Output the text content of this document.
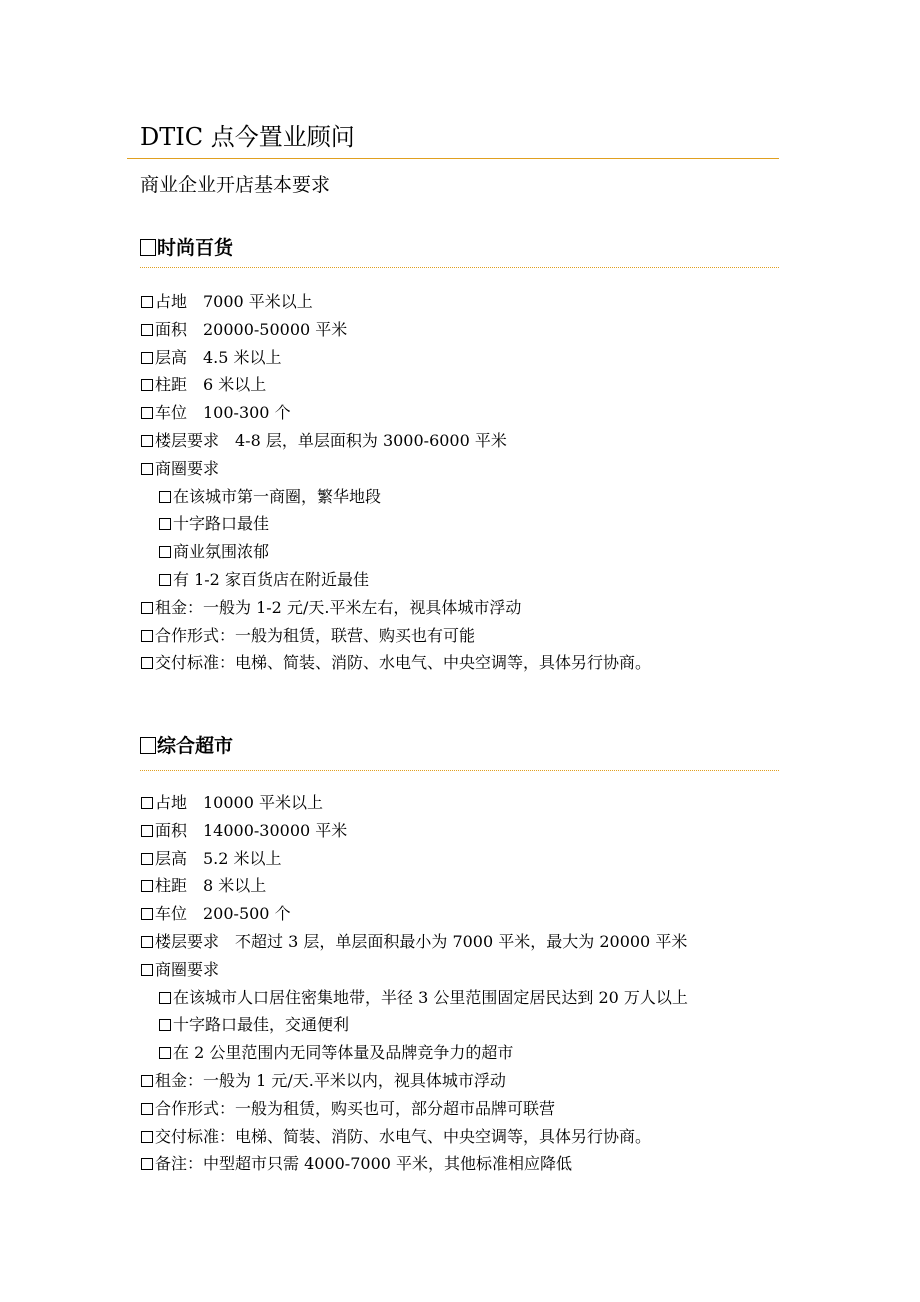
DTIC 点今置业顾问
商业企业开店基本要求
时尚百货
占地　7000 平米以上
面积　20000-50000 平米
层高　4.5 米以上
柱距　6 米以上
车位　100-300 个
楼层要求　4-8 层，单层面积为 3000-6000 平米
商圈要求
在该城市第一商圈，繁华地段
十字路口最佳
商业氛围浓郁
有 1-2 家百货店在附近最佳
租金：一般为 1-2 元/天.平米左右，视具体城市浮动
合作形式：一般为租赁，联营、购买也有可能
交付标准：电梯、简装、消防、水电气、中央空调等，具体另行协商。
综合超市
占地　10000 平米以上
面积　14000-30000 平米
层高　5.2 米以上
柱距　8 米以上
车位　200-500 个
楼层要求　不超过 3 层，单层面积最小为 7000 平米，最大为 20000 平米
商圈要求
在该城市人口居住密集地带，半径 3 公里范围固定居民达到 20 万人以上
十字路口最佳，交通便利
在 2 公里范围内无同等体量及品牌竞争力的超市
租金：一般为 1 元/天.平米以内，视具体城市浮动
合作形式：一般为租赁，购买也可，部分超市品牌可联营
交付标准：电梯、简装、消防、水电气、中央空调等，具体另行协商。
备注：中型超市只需 4000-7000 平米，其他标准相应降低
